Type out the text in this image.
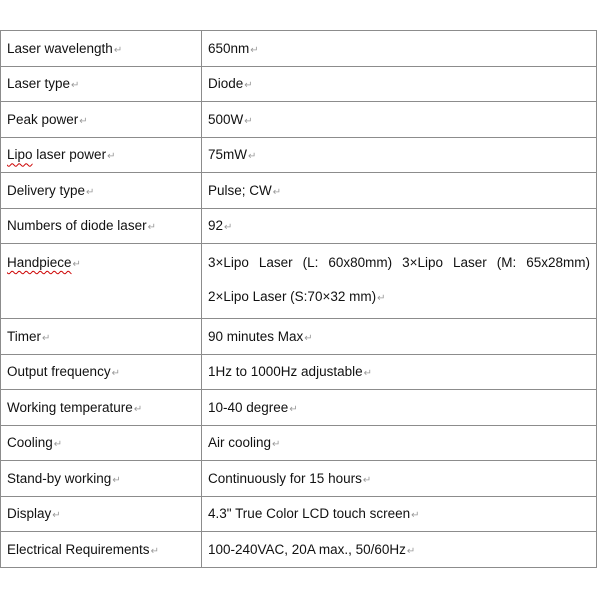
Laser wavelength↵	650nm↵
Laser type↵	Diode↵
Peak power↵	500W↵
Lipo laser power↵	75mW↵
Delivery type↵	Pulse; CW↵
Numbers of diode laser↵	92↵

Handpiece↵	3×Lipo Laser (L: 60x80mm) 3×Lipo Laser (M: 65x28mm)
2×Lipo Laser (S:70×32 mm)↵

Timer↵	90 minutes Max↵
Output frequency↵	1Hz to 1000Hz adjustable↵
Working temperature↵	10-40 degree↵
Cooling↵	Air cooling↵
Stand-by working↵	Continuously for 15 hours↵
Display↵	4.3" True Color LCD touch screen↵
Electrical Requirements↵	100-240VAC, 20A max., 50/60Hz↵
